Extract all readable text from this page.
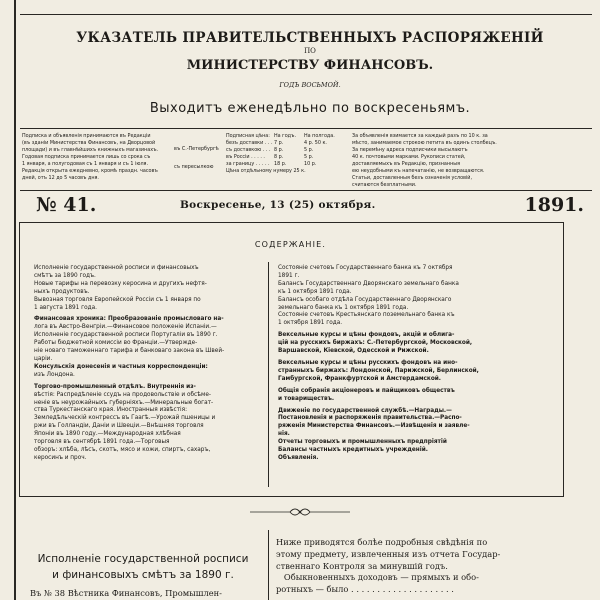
УКАЗАТЕЛЬ ПРАВИТЕЛЬСТВЕННЫХЪ РАСПОРЯЖЕНІЙ
ПО
МИНИСТЕРСТВУ ФИНАНСОВЪ.
ГОДЪ ВОСЬМОЙ.
Выходитъ еженедѣльно по воскресеньямъ.
Подписка и объявленія принимаются въ Редакціи
(въ зданіи Министерства Финансовъ, на Дворцовой
площади) и въ главнѣйшихъ книжныхъ магазинахъ.
Годовая подписка принимается лишь со срока съ
1 января, а полугодовая съ 1 января и съ 1 іюля.
Редакція открыта ежедневно, кромѣ праздн. часовъ
дней, отъ 12 до 5 часовъ дня.
въ С.-Петербургѣ

съ пересылкою
Подписная цѣна:
безъ доставки . . .
съ доставкою . . .
въ Россіи . . . . .
за границу . . . . .
Цѣна отдѣльному нумеру 25 к.
На годъ.
7 р.
8 р.
8 р.
18 р.
На полгода.
4 р. 50 к.
5 р.
5 р.
10 р.
За объявленія взимается за каждый разъ по 10 к. за
мѣсто, занимаемое строкою петита въ одинъ столбецъ.
За перемѣну адреса подписчики высылаютъ
40 к. почтовыми марками. Рукописи статей,
доставляемыхъ въ Редакцію, признанныя
ею неудобными къ напечатанію, не возвращаются.
Статьи, доставленныя безъ означенія условій,
считаются безплатными.
№ 41.	Воскресенье, 13 (25) октября.	1891.
СОДЕРЖАНІЕ.
Исполненіе государственной росписи и финансовыхъ
смѣтъ за 1890 годъ.
Новые тарифы на перевозку керосина и другихъ нефтя-
ныхъ продуктовъ.
Вывозная торговля Европейской Россіи съ 1 января по
1 августа 1891 года.
Финансовая хроника: Преобразованіе промысловаго на-
лога въ Австро-Венгріи.—Финансовое положеніе Испаніи.—
Исполненіе государственной росписи Португаліи въ 1890 г.
Работы бюджетной комиссіи во Франціи.—Утвержде-
ніе новаго таможеннаго тарифа и банковаго закона въ Швей-
царіи.
Консульскія донесенія и частныя корреспонденціи:
изъ Лондона.
Торгово-промышленный отдѣлъ. Внутреннія из-
вѣстія: Распредѣленіе ссудъ на продовольствіе и обсѣме-
неніе въ неурожайныхъ губерніяхъ.—Минеральные богат-
ства Туркестанскаго края. Иностранныя извѣстія:
Земледѣльческій контрессъ въ Гаагѣ.—Урожай пшеницы и
ржи въ Голландіи, Даніи и Швеціи.—Внѣшняя торговля
Японіи въ 1890 году.—Международная хлѣбная
торговля въ сентябрѣ 1891 года.—Торговыя
обзоръ: хлѣба, лѣсъ, скотъ, мясо и кожи, спиртъ, сахаръ,
керосинъ и проч.
Состояніе счетовъ Государственнаго банка къ 7 октября
1891 г.
Балансъ Государственнаго Дворянскаго земельнаго банка
къ 1 октября 1891 года.
Балансъ особаго отдѣла Государственнаго Дворянскаго
земельнаго банка къ 1 октября 1891 года.
Состояніе счетовъ Крестьянскаго поземельнаго банка къ
1 октября 1891 года.
Вексельные курсы и цѣны фондовъ, акцій и облига-
цій на русскихъ биржахъ: С.-Петербургской, Московской,
Варшавской, Кіевской, Одесской и Рижской.
Вексельные курсы и цѣны русскихъ фондовъ на ино-
странныхъ биржахъ: Лондонской, Парижской, Берлинской,
Гамбургской, Франкфуртской и Амстердамской.
Общія собранія акціонеровъ и пайщиковъ обществъ
и товариществъ.
Движеніе по государственной службѣ.—Награды.—
Постановленія и распоряженія правительства.—Распо-
ряженія Министерства Финансовъ.—Извѣщенія и заявле-
нія.
Отчеты торговыхъ и промышленныхъ предпріятій
Балансы частныхъ кредитныхъ учрежденій.
Объявленія.
Исполненіе государственной росписи
и финансовыхъ смѣтъ за 1890 г.
Въ № 38 Вѣстника Финансовъ, Промышлен-
Ниже приводятся болѣе подробныя свѣдѣнія по
этому предмету, извлеченныя изъ отчета Государ-
ственнаго Контроля за минувшій годъ.
Обыкновенныхъ доходовъ — прямыхъ и обо-
ротныхъ — было . . . . . . . . . . . . . . . . . . . .
